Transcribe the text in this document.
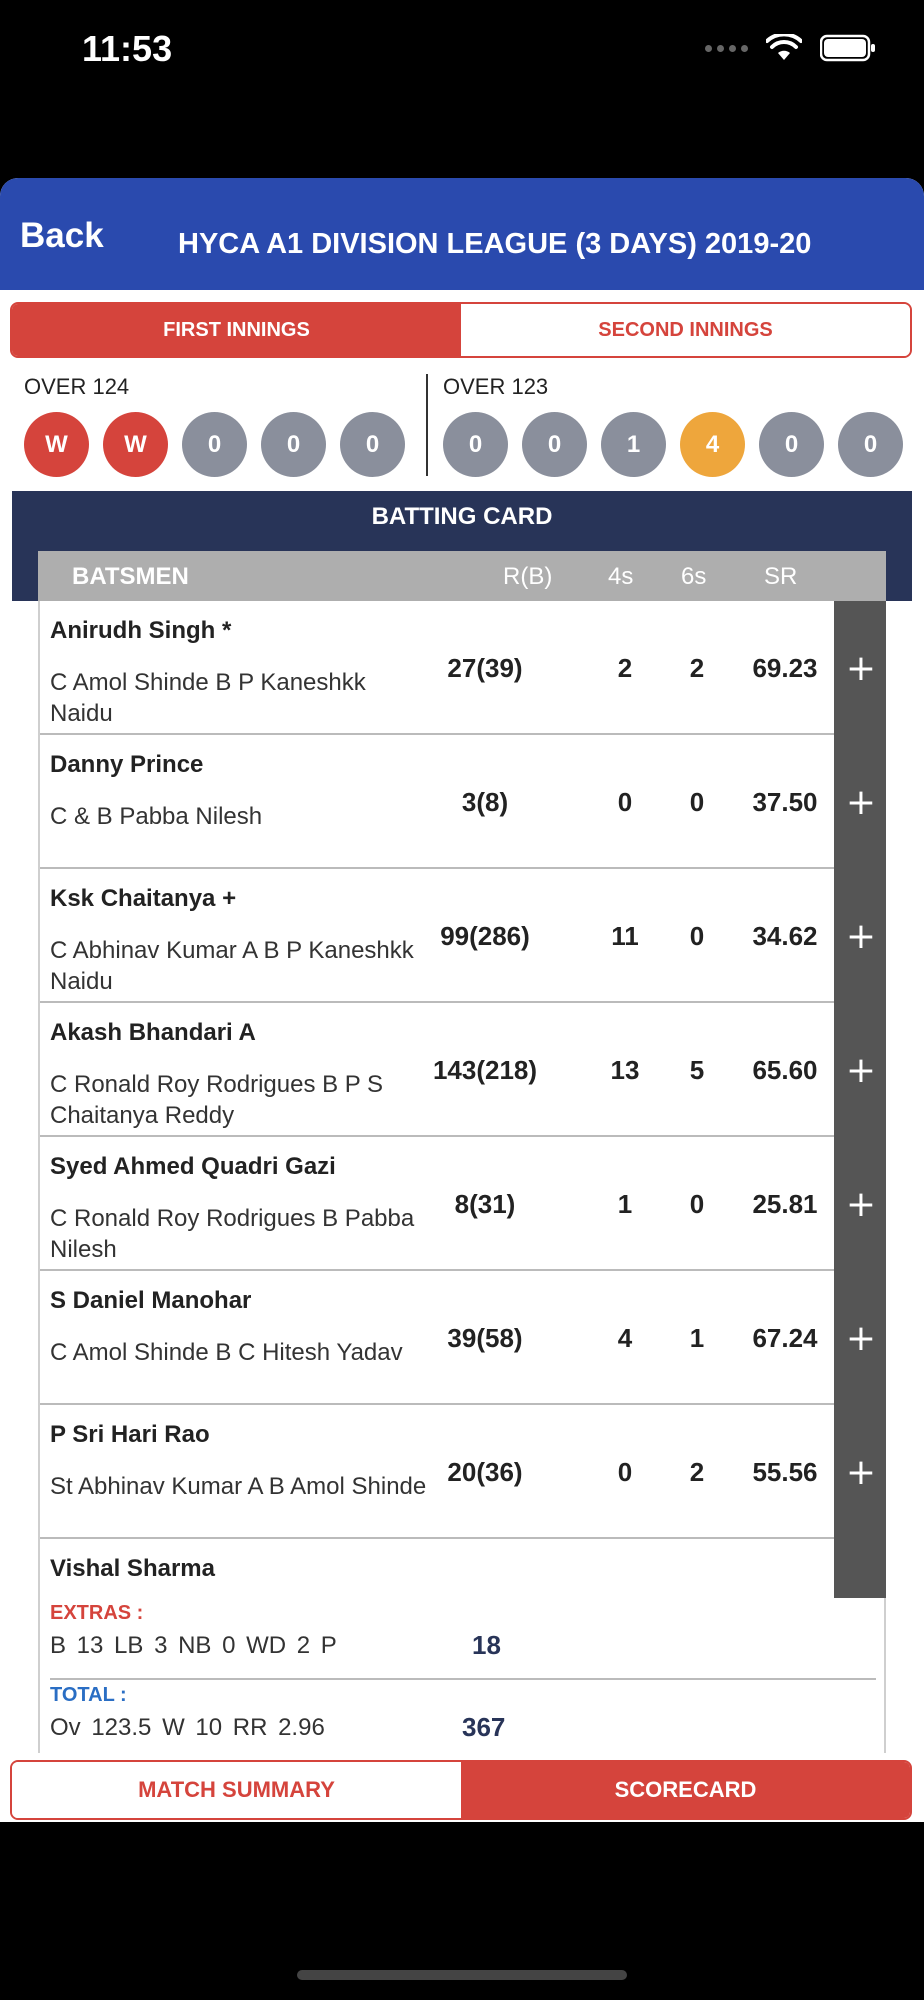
11:53
Back	HYCA A1 DIVISION LEAGUE (3 DAYS) 2019-20
FIRST INNINGS	SECOND INNINGS
OVER 124
W	W	0	0	0
OVER 123
0	0	1	4	0	0
BATTING CARD
BATSMEN	R(B) 4s 6s SR
Anirudh Singh *
C Amol Shinde B P Kaneshkk Naidu
27(39)	2	2	69.23 +
Danny Prince
C & B Pabba Nilesh	3(8)	0	0	37.50 +
Ksk Chaitanya +
C Abhinav Kumar A B P Kaneshkk Naidu
99(286)	11	0	34.62 +
Akash Bhandari A
C Ronald Roy Rodrigues B P S Chaitanya Reddy
143(218)	13	5	65.60 +
Syed Ahmed Quadri Gazi
C Ronald Roy Rodrigues B Pabba Nilesh
8(31)	1	0	25.81 +
S Daniel Manohar
C Amol Shinde B C Hitesh Yadav	39(58)	4	1	67.24 +
P Sri Hari Rao
St Abhinav Kumar A B Amol Shinde 20(36)	0	2	55.56 +
Vishal Sharma
EXTRAS :
B 13 LB 3 NB 0 WD 2 P	18
TOTAL :
Ov 123.5 W 10 RR 2.96	367
MATCH SUMMARY	SCORECARD
